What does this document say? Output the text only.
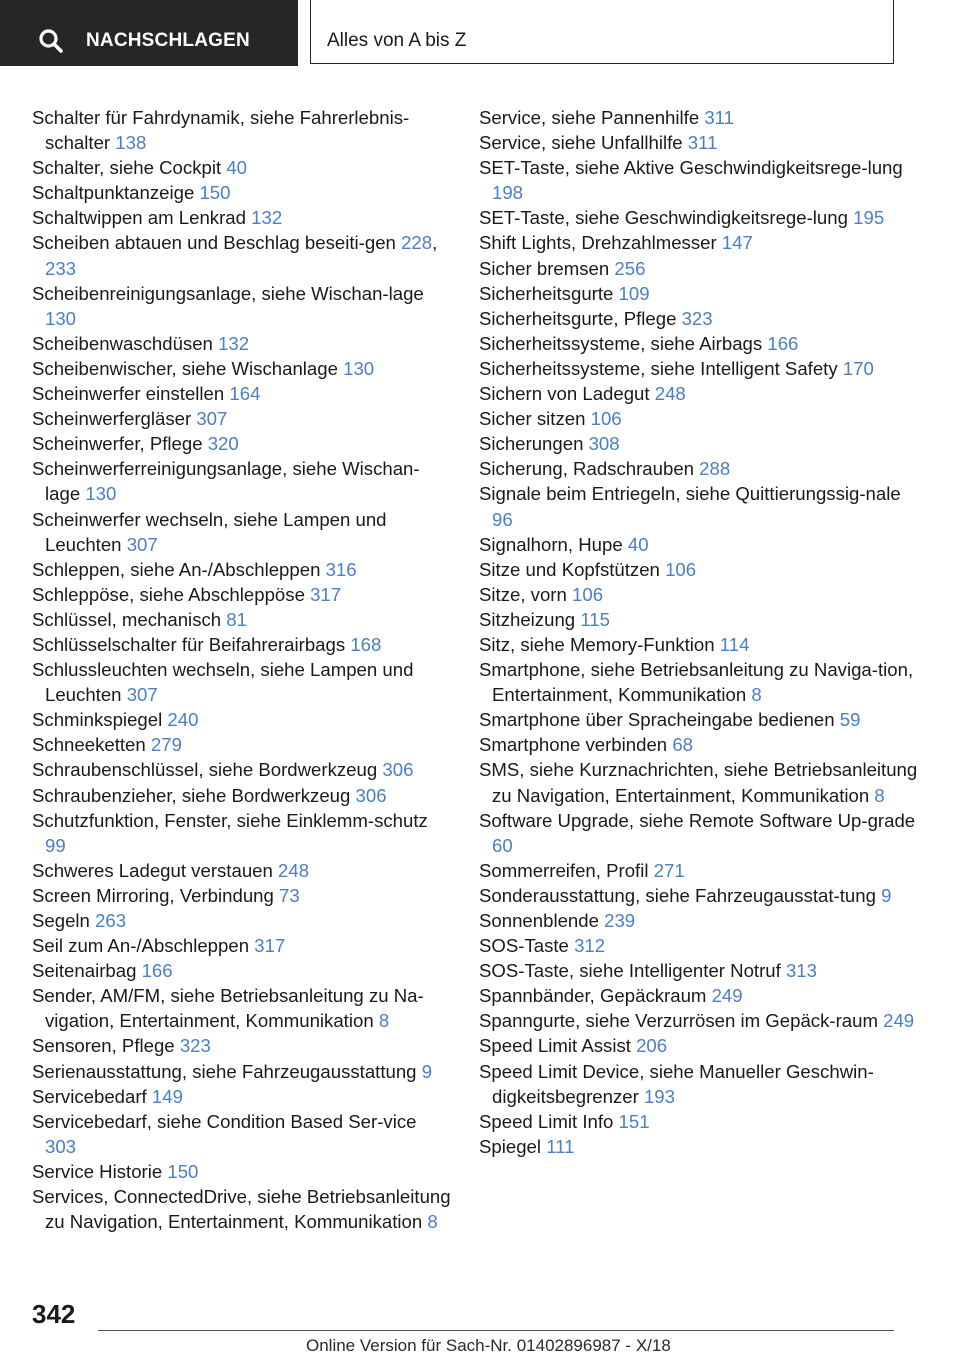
NACHSCHLAGEN	Alles von A bis Z
Schalter für Fahrdynamik, siehe Fahrerlebnis-schalter 138
Schalter, siehe Cockpit 40
Schaltpunktanzeige 150
Schaltwippen am Lenkrad 132
Scheiben abtauen und Beschlag beseiti-gen 228, 233
Scheibenreinigungsanlage, siehe Wischan-lage 130
Scheibenwaschdüsen 132
Scheibenwischer, siehe Wischanlage 130
Scheinwerfer einstellen 164
Scheinwerfergläser 307
Scheinwerfer, Pflege 320
Scheinwerferreinigungsanlage, siehe Wischan-lage 130
Scheinwerfer wechseln, siehe Lampen und Leuchten 307
Schleppen, siehe An-/Abschleppen 316
Schleppöse, siehe Abschleppöse 317
Schlüssel, mechanisch 81
Schlüsselschalter für Beifahrerairbags 168
Schlussleuchten wechseln, siehe Lampen und Leuchten 307
Schminkspiegel 240
Schneeketten 279
Schraubenschlüssel, siehe Bordwerkzeug 306
Schraubenzieher, siehe Bordwerkzeug 306
Schutzfunktion, Fenster, siehe Einklemm-schutz 99
Schweres Ladegut verstauen 248
Screen Mirroring, Verbindung 73
Segeln 263
Seil zum An-/Abschleppen 317
Seitenairbag 166
Sender, AM/FM, siehe Betriebsanleitung zu Na-vigation, Entertainment, Kommunikation 8
Sensoren, Pflege 323
Serienausstattung, siehe Fahrzeugausstattung 9
Servicebedarf 149
Servicebedarf, siehe Condition Based Ser-vice 303
Service Historie 150
Services, ConnectedDrive, siehe Betriebsanleitung zu Navigation, Entertainment, Kommunikation 8
Service, siehe Pannenhilfe 311
Service, siehe Unfallhilfe 311
SET-Taste, siehe Aktive Geschwindigkeitsrege-lung 198
SET-Taste, siehe Geschwindigkeitsrege-lung 195
Shift Lights, Drehzahlmesser 147
Sicher bremsen 256
Sicherheitsgurte 109
Sicherheitsgurte, Pflege 323
Sicherheitssysteme, siehe Airbags 166
Sicherheitssysteme, siehe Intelligent Safety 170
Sichern von Ladegut 248
Sicher sitzen 106
Sicherungen 308
Sicherung, Radschrauben 288
Signale beim Entriegeln, siehe Quittierungssig-nale 96
Signalhorn, Hupe 40
Sitze und Kopfstützen 106
Sitze, vorn 106
Sitzheizung 115
Sitz, siehe Memory-Funktion 114
Smartphone, siehe Betriebsanleitung zu Naviga-tion, Entertainment, Kommunikation 8
Smartphone über Spracheingabe bedienen 59
Smartphone verbinden 68
SMS, siehe Kurznachrichten, siehe Betriebsanleitung zu Navigation, Entertainment, Kommunikation 8
Software Upgrade, siehe Remote Software Up-grade 60
Sommerreifen, Profil 271
Sonderausstattung, siehe Fahrzeugausstat-tung 9
Sonnenblende 239
SOS-Taste 312
SOS-Taste, siehe Intelligenter Notruf 313
Spannbänder, Gepäckraum 249
Spanngurte, siehe Verzurrösen im Gepäck-raum 249
Speed Limit Assist 206
Speed Limit Device, siehe Manueller Geschwin-digkeitsbegrenzer 193
Speed Limit Info 151
Spiegel 111
342
Online Version für Sach-Nr. 01402896987 - X/18
